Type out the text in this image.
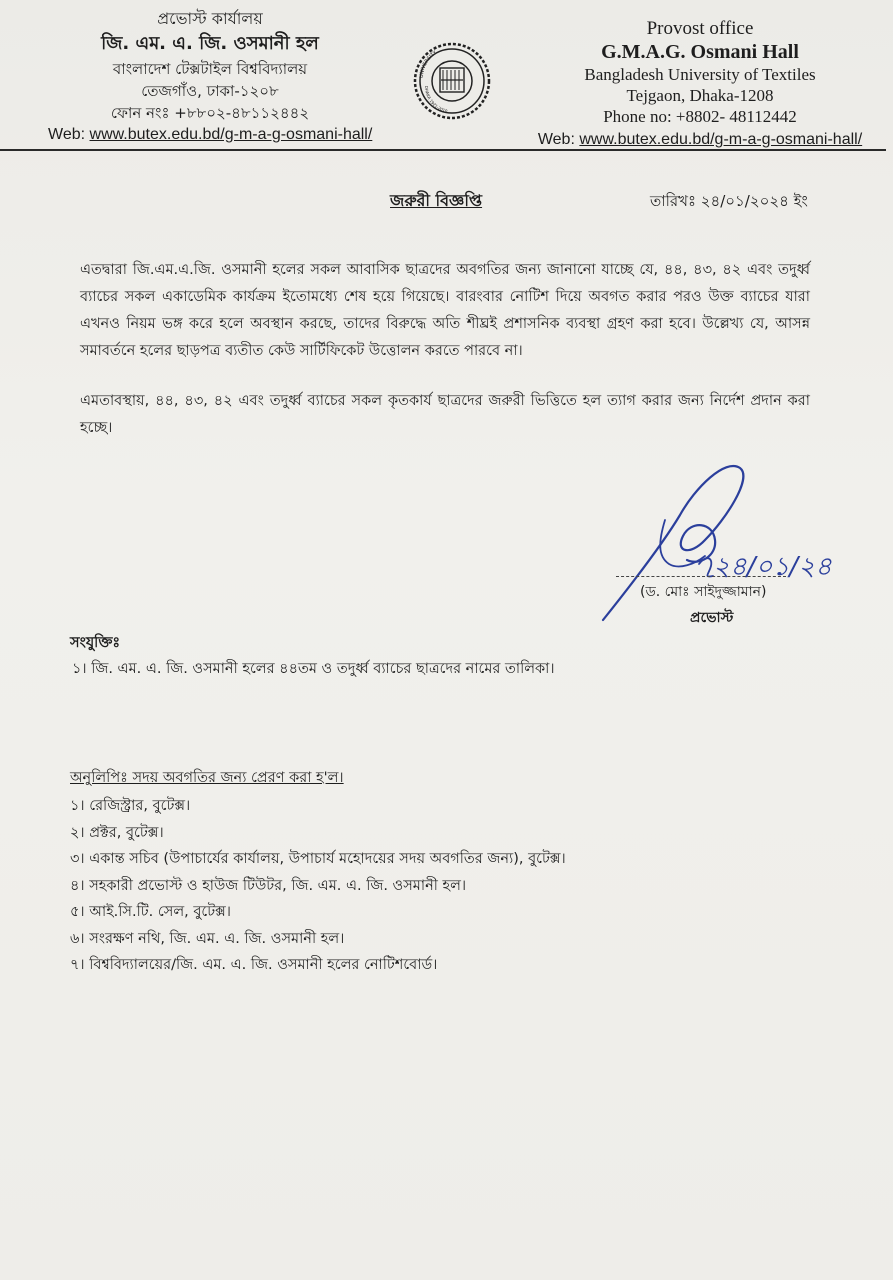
প্রভোস্ট কার্যালয়
জি. এম. এ. জি. ওসমানী হল
বাংলাদেশ টেক্সটাইল বিশ্ববিদ্যালয়
তেজগাঁও, ঢাকা-১২০৮
ফোন নংঃ +৮৮০২-৪৮১১২৪৪২
Web: www.butex.edu.bd/g-m-a-g-osmani-hall/
UNIVERSITY
DHAKA 1921-2010
Provost office
G.M.A.G. Osmani Hall
Bangladesh University of Textiles
Tejgaon, Dhaka-1208
Phone no: +8802- 48112442
Web: www.butex.edu.bd/g-m-a-g-osmani-hall/
জরুরী বিজ্ঞপ্তি	তারিখঃ ২৪/০১/২০২৪ ইং
এতদ্বারা জি.এম.এ.জি. ওসমানী হলের সকল আবাসিক ছাত্রদের অবগতির জন্য জানানো যাচ্ছে যে, ৪৪, ৪৩, ৪২ এবং তদুর্ধ্ব ব্যাচের সকল একাডেমিক কার্যক্রম ইতোমধ্যে শেষ হয়ে গিয়েছে। বারংবার নোটিশ দিয়ে অবগত করার পরও উক্ত ব্যাচের যারা এখনও নিয়ম ভঙ্গ করে হলে অবস্থান করছে, তাদের বিরুদ্ধে অতি শীঘ্রই প্রশাসনিক ব্যবস্থা গ্রহণ করা হবে। উল্লেখ্য যে, আসন্ন সমাবর্তনে হলের ছাড়পত্র ব্যতীত কেউ সার্টিফিকেট উত্তোলন করতে পারবে না।
এমতাবস্থায়, ৪৪, ৪৩, ৪২ এবং তদুর্ধ্ব ব্যাচের সকল কৃতকার্য ছাত্রদের জরুরী ভিত্তিতে হল ত্যাগ করার জন্য নির্দেশ প্রদান করা হচ্ছে।
২৪/০১/২৪
(ড. মোঃ সাইদুজ্জামান)
প্রভোস্ট
সংযুক্তিঃ
১। জি. এম. এ. জি. ওসমানী হলের ৪৪তম ও তদুর্ধ্ব ব্যাচের ছাত্রদের নামের তালিকা।
অনুলিপিঃ সদয় অবগতির জন্য প্রেরণ করা হ'ল।
১। রেজিস্ট্রার, বুটেক্স।
২। প্রক্টর, বুটেক্স।
৩। একান্ত সচিব (উপাচার্যের কার্যালয়, উপাচার্য মহোদয়ের সদয় অবগতির জন্য), বুটেক্স।
৪। সহকারী প্রভোস্ট ও হাউজ টিউটর, জি. এম. এ. জি. ওসমানী হল।
৫। আই.সি.টি. সেল, বুটেক্স।
৬। সংরক্ষণ নথি, জি. এম. এ. জি. ওসমানী হল।
৭। বিশ্ববিদ্যালয়ের/জি. এম. এ. জি. ওসমানী হলের নোটিশবোর্ড।
